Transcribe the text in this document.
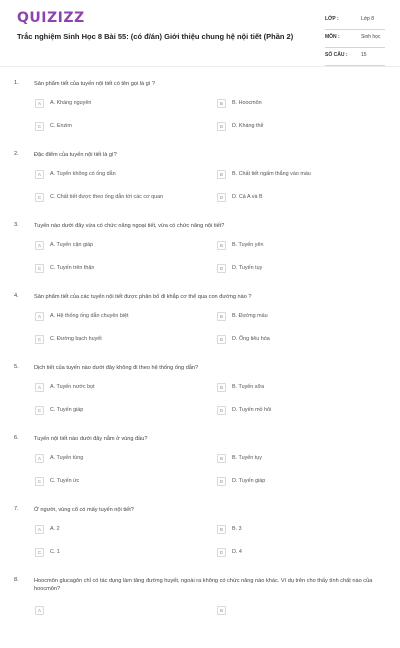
QUIZIZZ
Trắc nghiệm Sinh Học 8 Bài 55: (có đ/án) Giới thiệu chung hệ nội tiết (Phần 2)
LỚP :	Lớp 8
MÔN :	Sinh học
SỐ CÂU :	15
1.	Sản phẩm tiết của tuyến nội tiết có tên gọi là gì ?
A	A. Kháng nguyên	B	B. Hoocmôn
C	C. Enzim	D	D. Kháng thể
2.	Đặc điểm của tuyến nội tiết là gì?
A	A. Tuyến không có ống dẫn	B	B. Chất tiết ngấm thẳng vào máu
C	C. Chất tiết được theo ống dẫn tới các cơ quan	D	D. Cả A và B
3.	Tuyến nào dưới đây vừa có chức năng ngoại tiết, vừa có chức năng nội tiết?
A	A. Tuyến cận giáp	B	B. Tuyến yên
C	C. Tuyến trên thận	D	D. Tuyến tụy
4.	Sản phẩm tiết của các tuyến nội tiết được phân bố đi khắp cơ thể qua con đường nào ?
A	A. Hệ thống ống dẫn chuyên biệt	B	B. Đường máu
C	C. Đường bạch huyết	D	D. Ống tiêu hóa
5.	Dịch tiết của tuyến nào dưới đây không đi theo hệ thống ống dẫn?
A	A. Tuyến nước bọt	B	B. Tuyến sữa
C	C. Tuyến giáp	D	D. Tuyến mồ hôi
6.	Tuyến nội tiết nào dưới đây nằm ở vùng đầu?
A	A. Tuyến tùng	B	B. Tuyến tụy
C	C. Tuyến ức	D	D. Tuyến giáp
7.	Ở người, vùng cổ có mấy tuyến nội tiết?
A	A. 2	B	B. 3
C	C. 1	D	D. 4
8.	Hoocmôn glucagôn chỉ có tác dụng làm tăng đường huyết, ngoài ra không có chức năng nào khác. Ví dụ trên cho thấy tính chất nào của hoocmôn?
A	B
